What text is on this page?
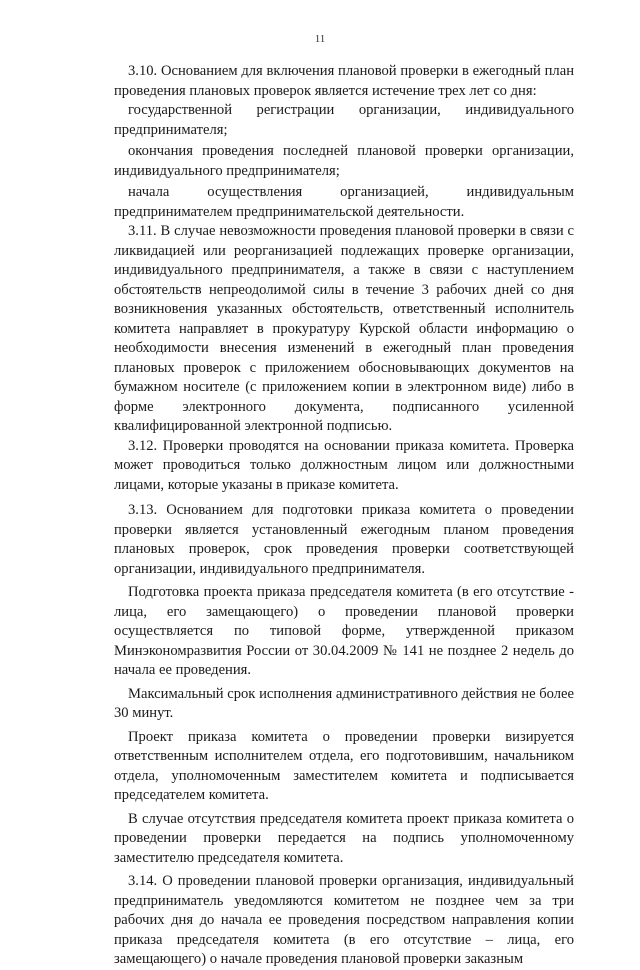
11

3.10. Основанием для включения плановой проверки в ежегодный план проведения плановых проверок является истечение трех лет со дня:

государственной регистрации организации, индивидуального предпринимателя;

окончания проведения последней плановой проверки организации, индивидуального предпринимателя;

начала осуществления организацией, индивидуальным предпринимателем предпринимательской деятельности.

3.11. В случае невозможности проведения плановой проверки в связи с ликвидацией или реорганизацией подлежащих проверке организации, индивидуального предпринимателя, а также в связи с наступлением обстоятельств непреодолимой силы в течение 3 рабочих дней со дня возникновения указанных обстоятельств, ответственный исполнитель комитета направляет в прокуратуру Курской области информацию о необходимости внесения изменений в ежегодный план проведения плановых проверок с приложением обосновывающих документов на бумажном носителе (с приложением копии в электронном виде) либо в форме электронного документа, подписанного усиленной квалифицированной электронной подписью.

3.12. Проверки проводятся на основании приказа комитета. Проверка может проводиться только должностным лицом или должностными лицами, которые указаны в приказе комитета.

3.13. Основанием для подготовки приказа комитета о проведении проверки является установленный ежегодным планом проведения плановых проверок, срок проведения проверки соответствующей организации, индивидуального предпринимателя.

Подготовка проекта приказа председателя комитета (в его отсутствие - лица, его замещающего) о проведении плановой проверки осуществляется по типовой форме, утвержденной приказом Минэкономразвития России от 30.04.2009 № 141 не позднее 2 недель до начала ее проведения.

Максимальный срок исполнения административного действия не более 30 минут.

Проект приказа комитета о проведении проверки визируется ответственным исполнителем отдела, его подготовившим, начальником отдела, уполномоченным заместителем комитета и подписывается председателем комитета.

В случае отсутствия председателя комитета проект приказа комитета о проведении проверки передается на подпись уполномоченному заместителю председателя комитета.

3.14. О проведении плановой проверки организация, индивидуальный предприниматель уведомляются комитетом не позднее чем за три рабочих дня до начала ее проведения посредством направления копии приказа председателя комитета (в его отсутствие – лица, его замещающего) о начале проведения плановой проверки заказным
